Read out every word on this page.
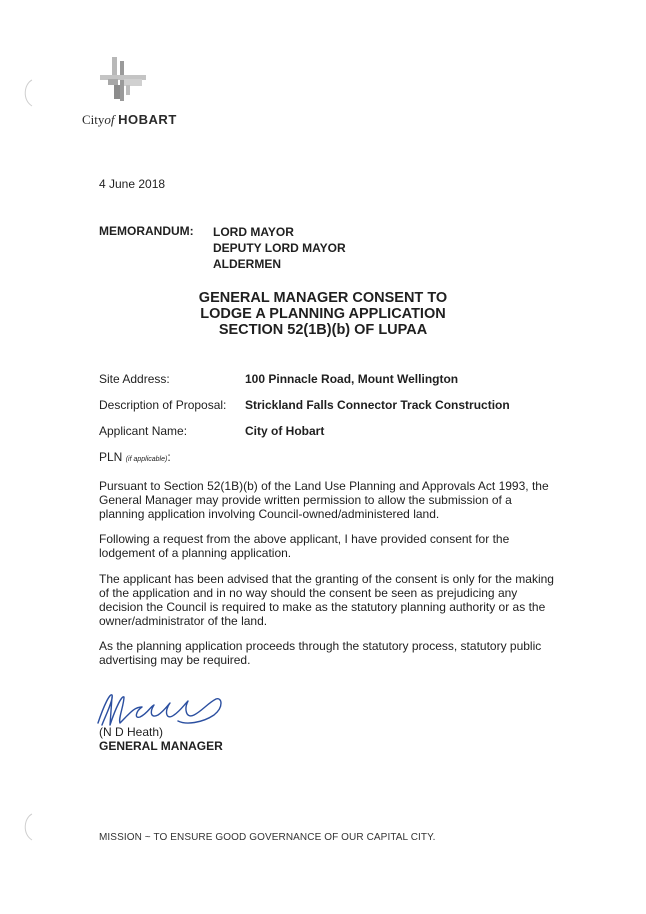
Cityof HOBART
4 June 2018
MEMORANDUM: LORD MAYOR
DEPUTY LORD MAYOR
ALDERMEN
GENERAL MANAGER CONSENT TO
LODGE A PLANNING APPLICATION
SECTION 52(1B)(b) OF LUPAA
Site Address:	100 Pinnacle Road, Mount Wellington
Description of Proposal: Strickland Falls Connector Track Construction
Applicant Name:	City of Hobart
PLN (if applicable):

Pursuant to Section 52(1B)(b) of the Land Use Planning and Approvals Act 1993, the General Manager may provide written permission to allow the submission of a planning application involving Council-owned/administered land.

Following a request from the above applicant, I have provided consent for the lodgement of a planning application.

The applicant has been advised that the granting of the consent is only for the making of the application and in no way should the consent be seen as prejudicing any decision the Council is required to make as the statutory planning authority or as the owner/administrator of the land.

As the planning application proceeds through the statutory process, statutory public advertising may be required.

(N D Heath)
GENERAL MANAGER
MISSION ~ TO ENSURE GOOD GOVERNANCE OF OUR CAPITAL CITY.
